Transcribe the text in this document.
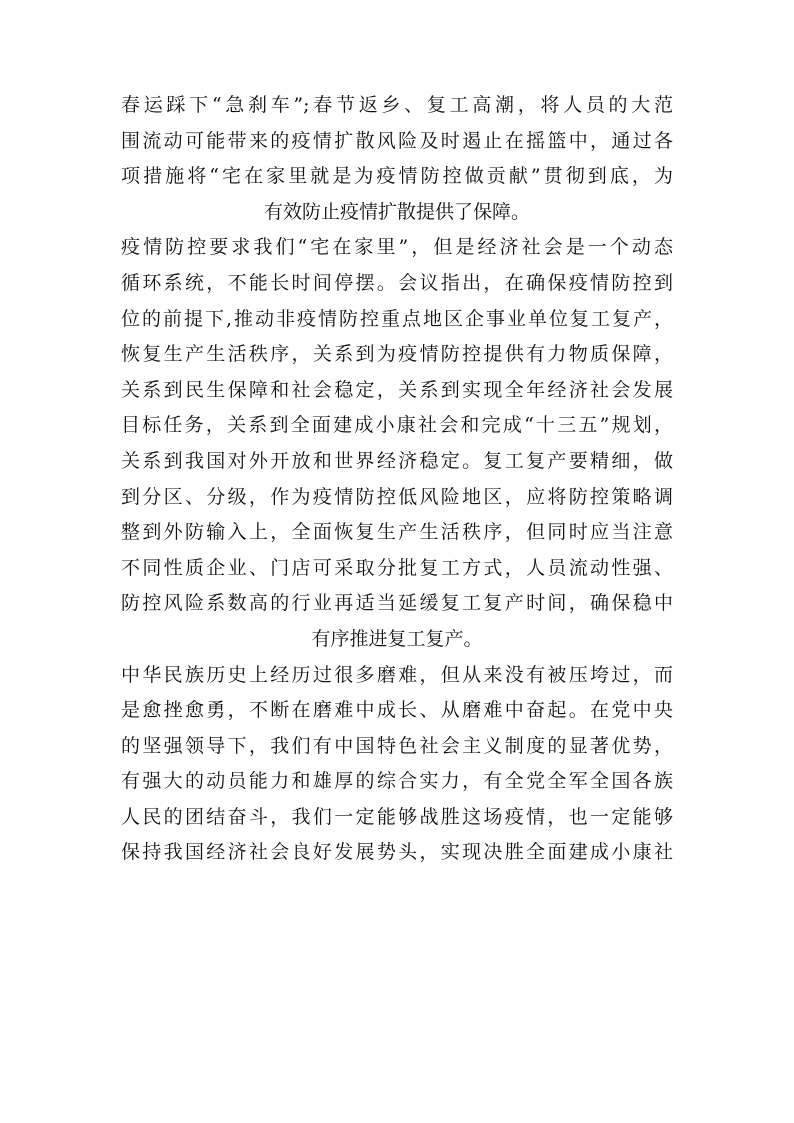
春运踩下“急刹车”;春节返乡、复工高潮，将人员的大范
围流动可能带来的疫情扩散风险及时遏止在摇篮中，通过各
项措施将“宅在家里就是为疫情防控做贡献”贯彻到底，为
有效防止疫情扩散提供了保障。
疫情防控要求我们“宅在家里”，但是经济社会是一个动态
循环系统，不能长时间停摆。会议指出，在确保疫情防控到
位的前提下,推动非疫情防控重点地区企事业单位复工复产，
恢复生产生活秩序，关系到为疫情防控提供有力物质保障，
关系到民生保障和社会稳定，关系到实现全年经济社会发展
目标任务，关系到全面建成小康社会和完成“十三五”规划，
关系到我国对外开放和世界经济稳定。复工复产要精细，做
到分区、分级，作为疫情防控低风险地区，应将防控策略调
整到外防输入上，全面恢复生产生活秩序，但同时应当注意
不同性质企业、门店可采取分批复工方式，人员流动性强、
防控风险系数高的行业再适当延缓复工复产时间，确保稳中
有序推进复工复产。
中华民族历史上经历过很多磨难，但从来没有被压垮过，而
是愈挫愈勇，不断在磨难中成长、从磨难中奋起。在党中央
的坚强领导下，我们有中国特色社会主义制度的显著优势，
有强大的动员能力和雄厚的综合实力，有全党全军全国各族
人民的团结奋斗，我们一定能够战胜这场疫情，也一定能够
保持我国经济社会良好发展势头，实现决胜全面建成小康社
